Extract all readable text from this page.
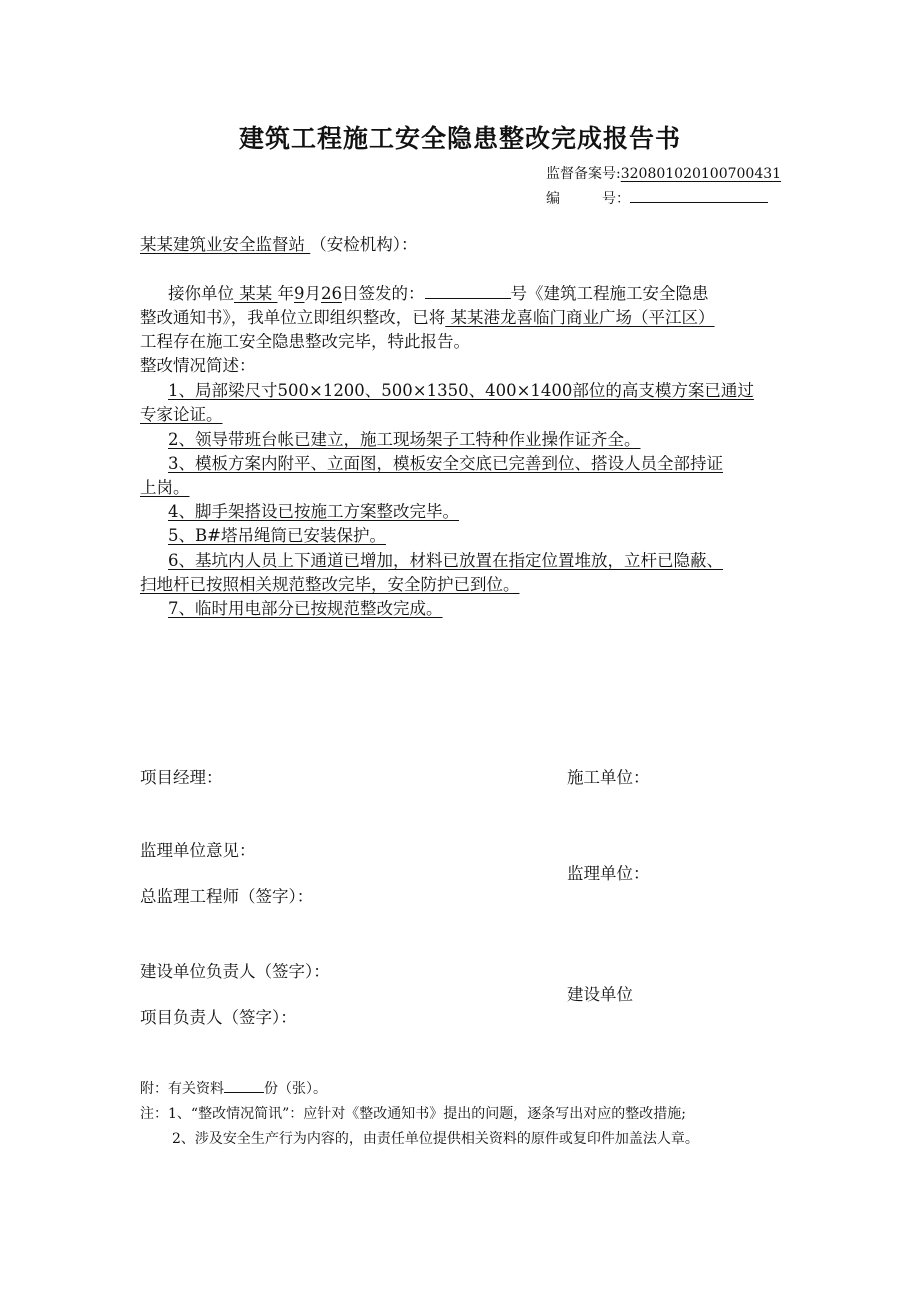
建筑工程施工安全隐患整改完成报告书
监督备案号:320801020100700431
编　　　号：
某某建筑业安全监督站 （安检机构）：
接你单位 某某 年9月26日签发的：	号《建筑工程施工安全隐患
整改通知书》，我单位立即组织整改，已将 某某港龙喜临门商业广场（平江区）
工程存在施工安全隐患整改完毕，特此报告。
整改情况简述：
1、局部梁尺寸500×1200、500×1350、400×1400部位的高支模方案已通过
专家论证。
2、领导带班台帐已建立，施工现场架子工特种作业操作证齐全。
3、模板方案内附平、立面图，模板安全交底已完善到位、搭设人员全部持证
上岗。
4、脚手架搭设已按施工方案整改完毕。
5、B#塔吊绳筒已安装保护。
6、基坑内人员上下通道已增加，材料已放置在指定位置堆放，立杆已隐蔽、
扫地杆已按照相关规范整改完毕，安全防护已到位。
7、临时用电部分已按规范整改完成。
项目经理：	施工单位：
监理单位意见：
监理单位：
总监理工程师（签字）：
建设单位负责人（签字）：
建设单位
项目负责人（签字）：
附：有关资料	份（张）。
注：1、“整改情况简讯”：应针对《整改通知书》提出的问题，逐条写出对应的整改措施;
2、涉及安全生产行为内容的，由责任单位提供相关资料的原件或复印件加盖法人章。
